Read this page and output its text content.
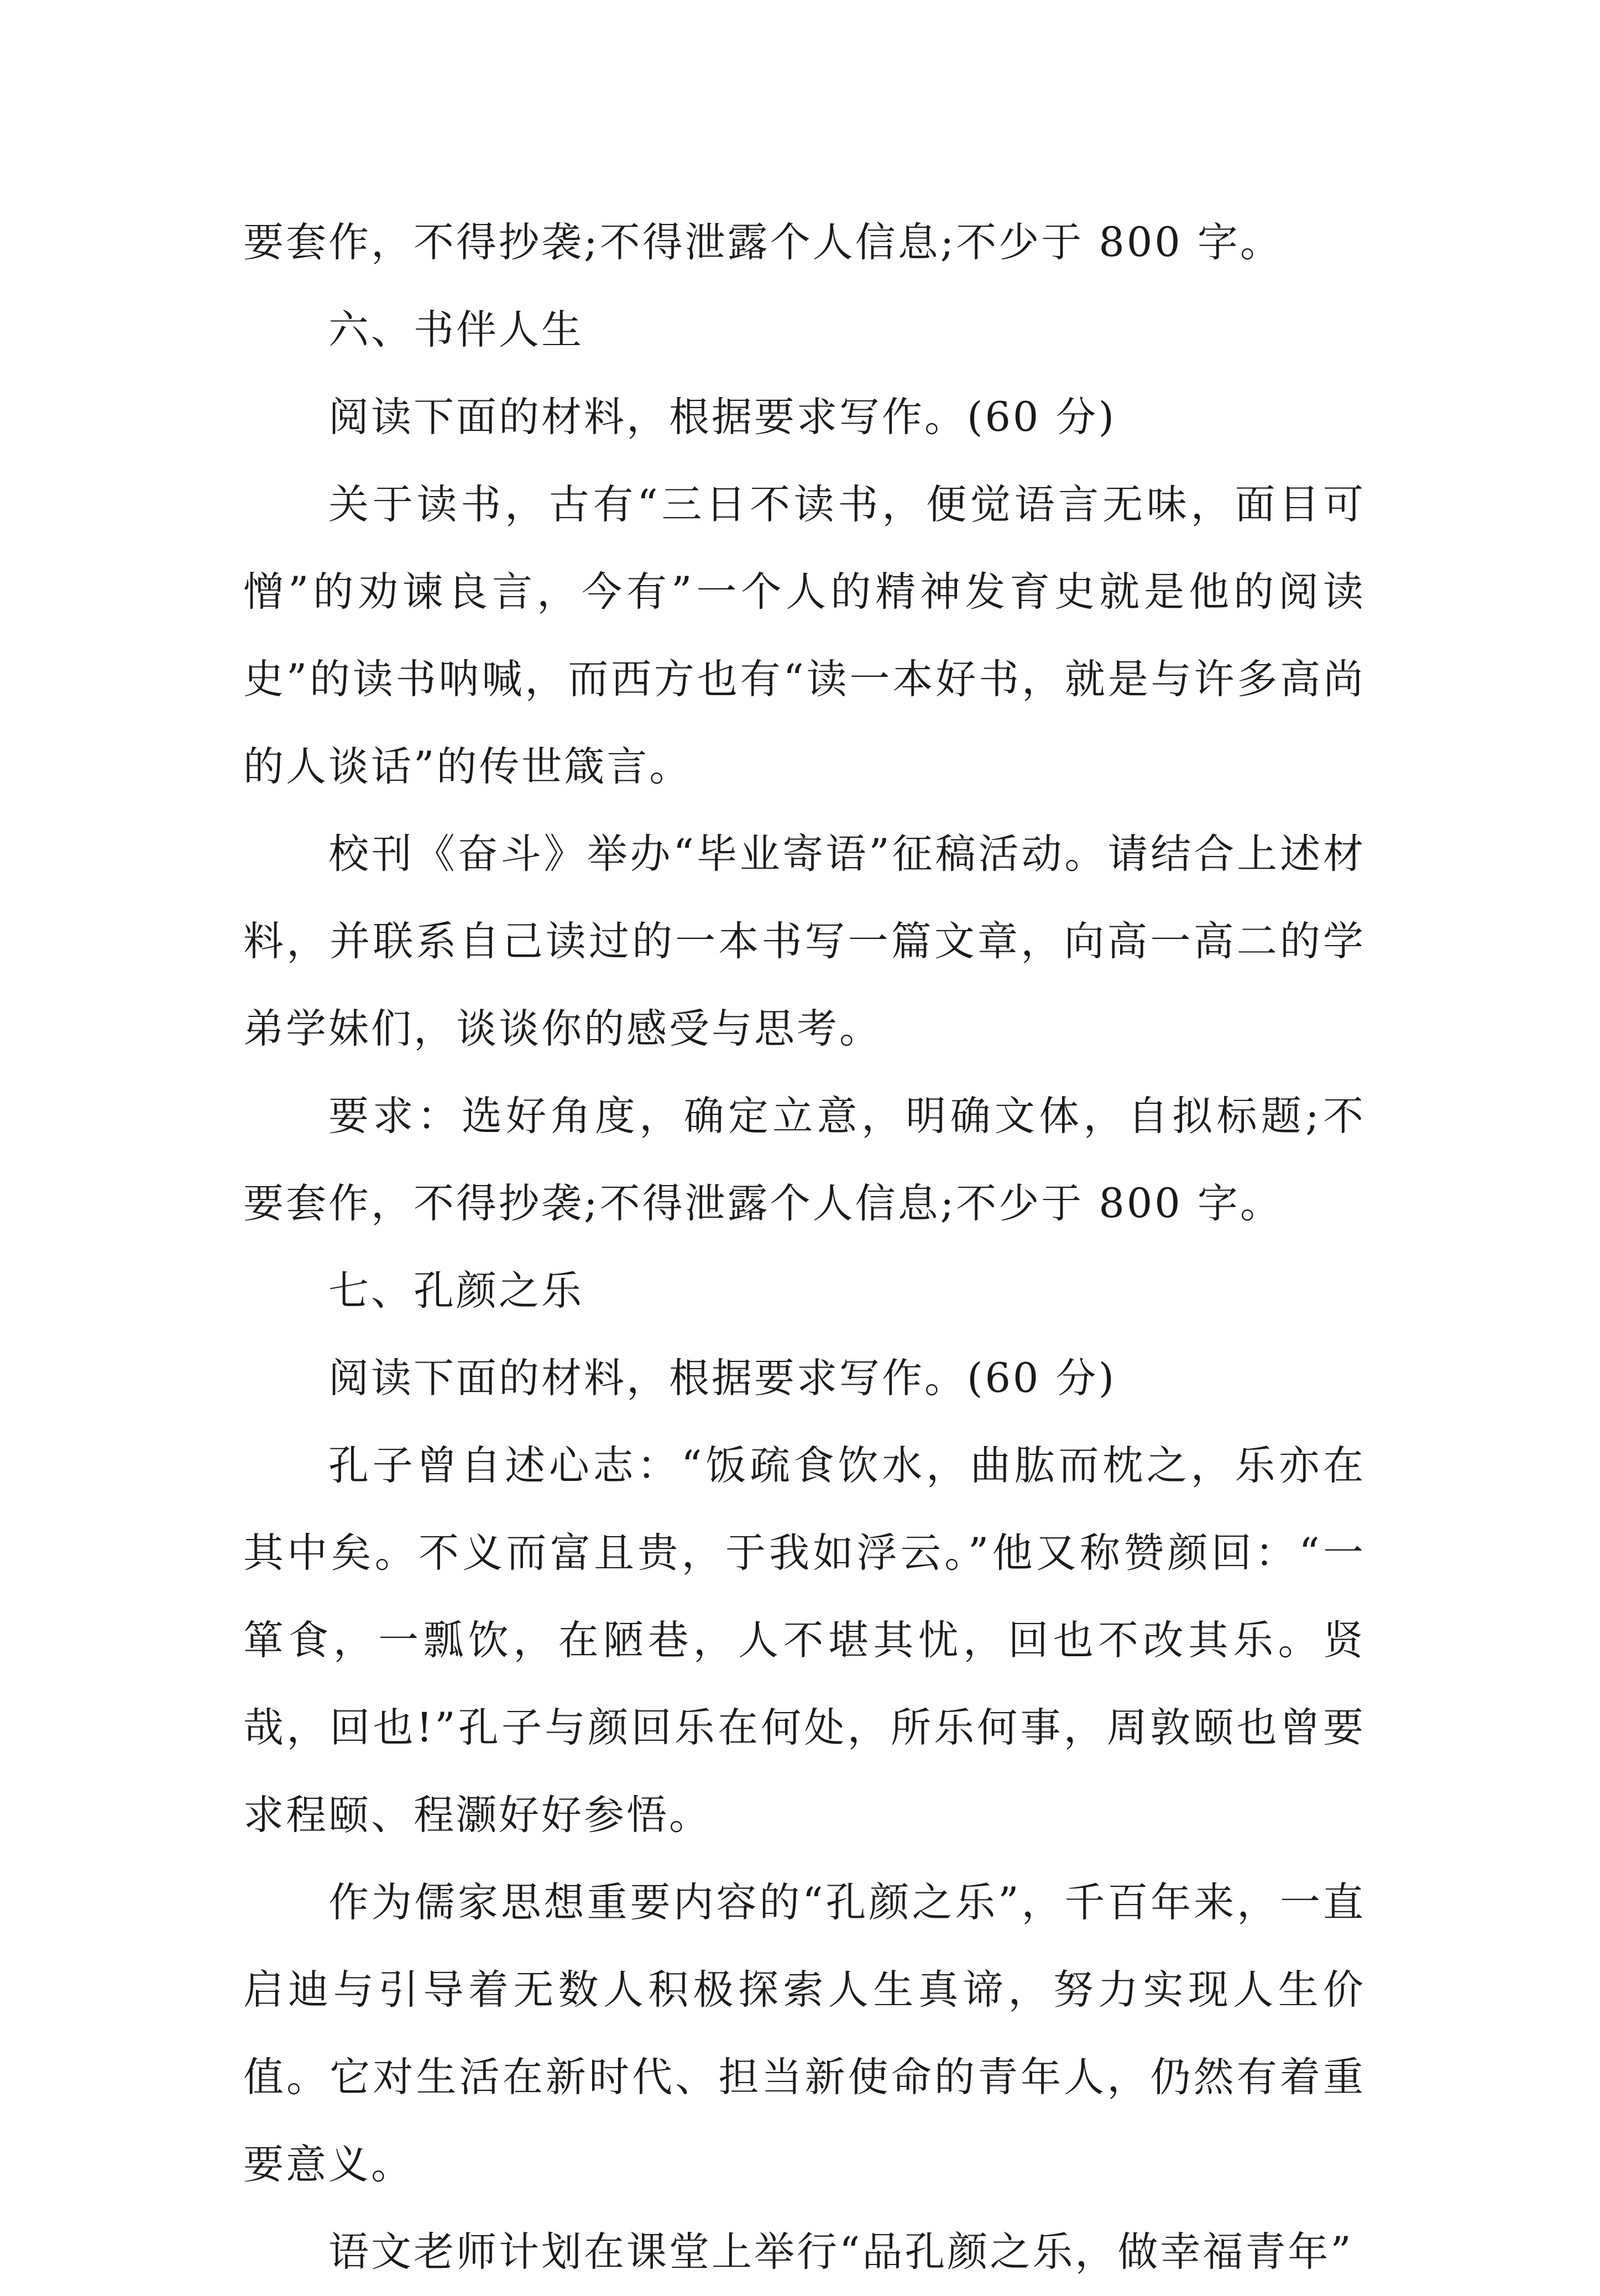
要套作，不得抄袭;不得泄露个人信息;不少于 800 字。

六、书伴人生

阅读下面的材料，根据要求写作。(60 分)

关于读书，古有“三日不读书，便觉语言无味，面目可憎”的劝谏良言，今有”一个人的精神发育史就是他的阅读史”的读书呐喊，而西方也有“读一本好书，就是与许多高尚的人谈话”的传世箴言。

校刊《奋斗》举办“毕业寄语”征稿活动。请结合上述材料，并联系自己读过的一本书写一篇文章，向高一高二的学弟学妹们，谈谈你的感受与思考。

要求：选好角度，确定立意，明确文体，自拟标题;不要套作，不得抄袭;不得泄露个人信息;不少于 800 字。

七、孔颜之乐

阅读下面的材料，根据要求写作。(60 分)

孔子曾自述心志：“饭疏食饮水，曲肱而枕之，乐亦在其中矣。不义而富且贵，于我如浮云。”他又称赞颜回：“一箪食，一瓢饮，在陋巷，人不堪其忧，回也不改其乐。贤哉，回也!”孔子与颜回乐在何处，所乐何事，周敦颐也曾要求程颐、程灏好好参悟。

作为儒家思想重要内容的“孔颜之乐”，千百年来，一直启迪与引导着无数人积极探索人生真谛，努力实现人生价值。它对生活在新时代、担当新使命的青年人，仍然有着重要意义。

语文老师计划在课堂上举行“品孔颜之乐，做幸福青年”
